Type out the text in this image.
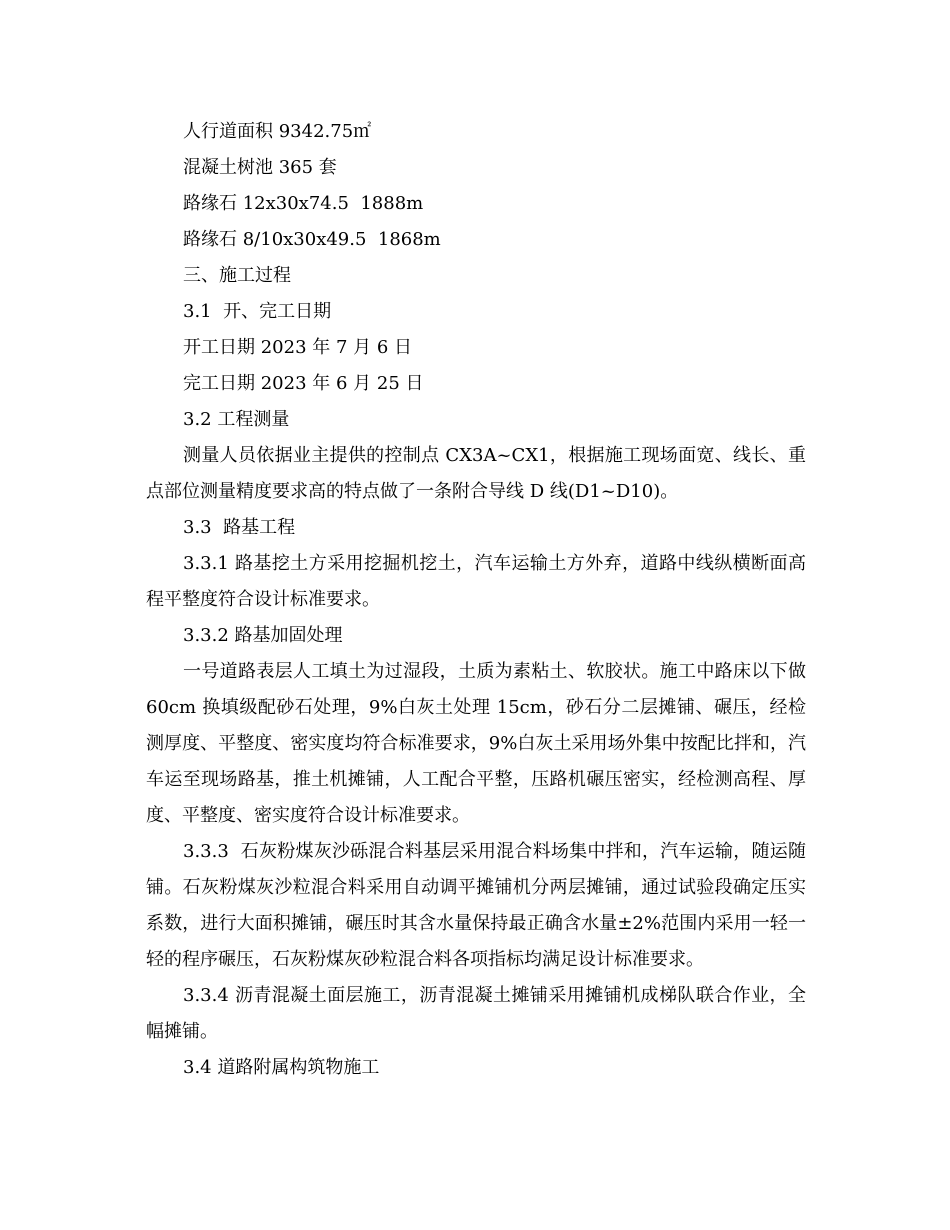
人行道面积 9342.75㎡

混凝土树池 365 套

路缘石 12x30x74.5  1888m

路缘石 8/10x30x49.5  1868m

三、施工过程

3.1  开、完工日期

开工日期 2023 年 7 月 6 日

完工日期 2023 年 6 月 25 日

3.2 工程测量

测量人员依据业主提供的控制点 CX3A~CX1，根据施工现场面宽、线长、重点部位测量精度要求高的特点做了一条附合导线 D 线(D1~D10)。

3.3  路基工程

3.3.1 路基挖土方采用挖掘机挖土，汽车运输土方外弃，道路中线纵横断面高程平整度符合设计标准要求。

3.3.2 路基加固处理

一号道路表层人工填土为过湿段，土质为素粘土、软胶状。施工中路床以下做 60cm 换填级配砂石处理，9%白灰土处理 15cm，砂石分二层摊铺、碾压，经检测厚度、平整度、密实度均符合标准要求，9%白灰土采用场外集中按配比拌和，汽车运至现场路基，推土机摊铺，人工配合平整，压路机碾压密实，经检测高程、厚度、平整度、密实度符合设计标准要求。

3.3.3  石灰粉煤灰沙砾混合料基层采用混合料场集中拌和，汽车运输，随运随铺。石灰粉煤灰沙粒混合料采用自动调平摊铺机分两层摊铺，通过试验段确定压实系数，进行大面积摊铺，碾压时其含水量保持最正确含水量±2%范围内采用一轻一轻的程序碾压，石灰粉煤灰砂粒混合料各项指标均满足设计标准要求。

3.3.4 沥青混凝土面层施工，沥青混凝土摊铺采用摊铺机成梯队联合作业，全幅摊铺。

3.4 道路附属构筑物施工
